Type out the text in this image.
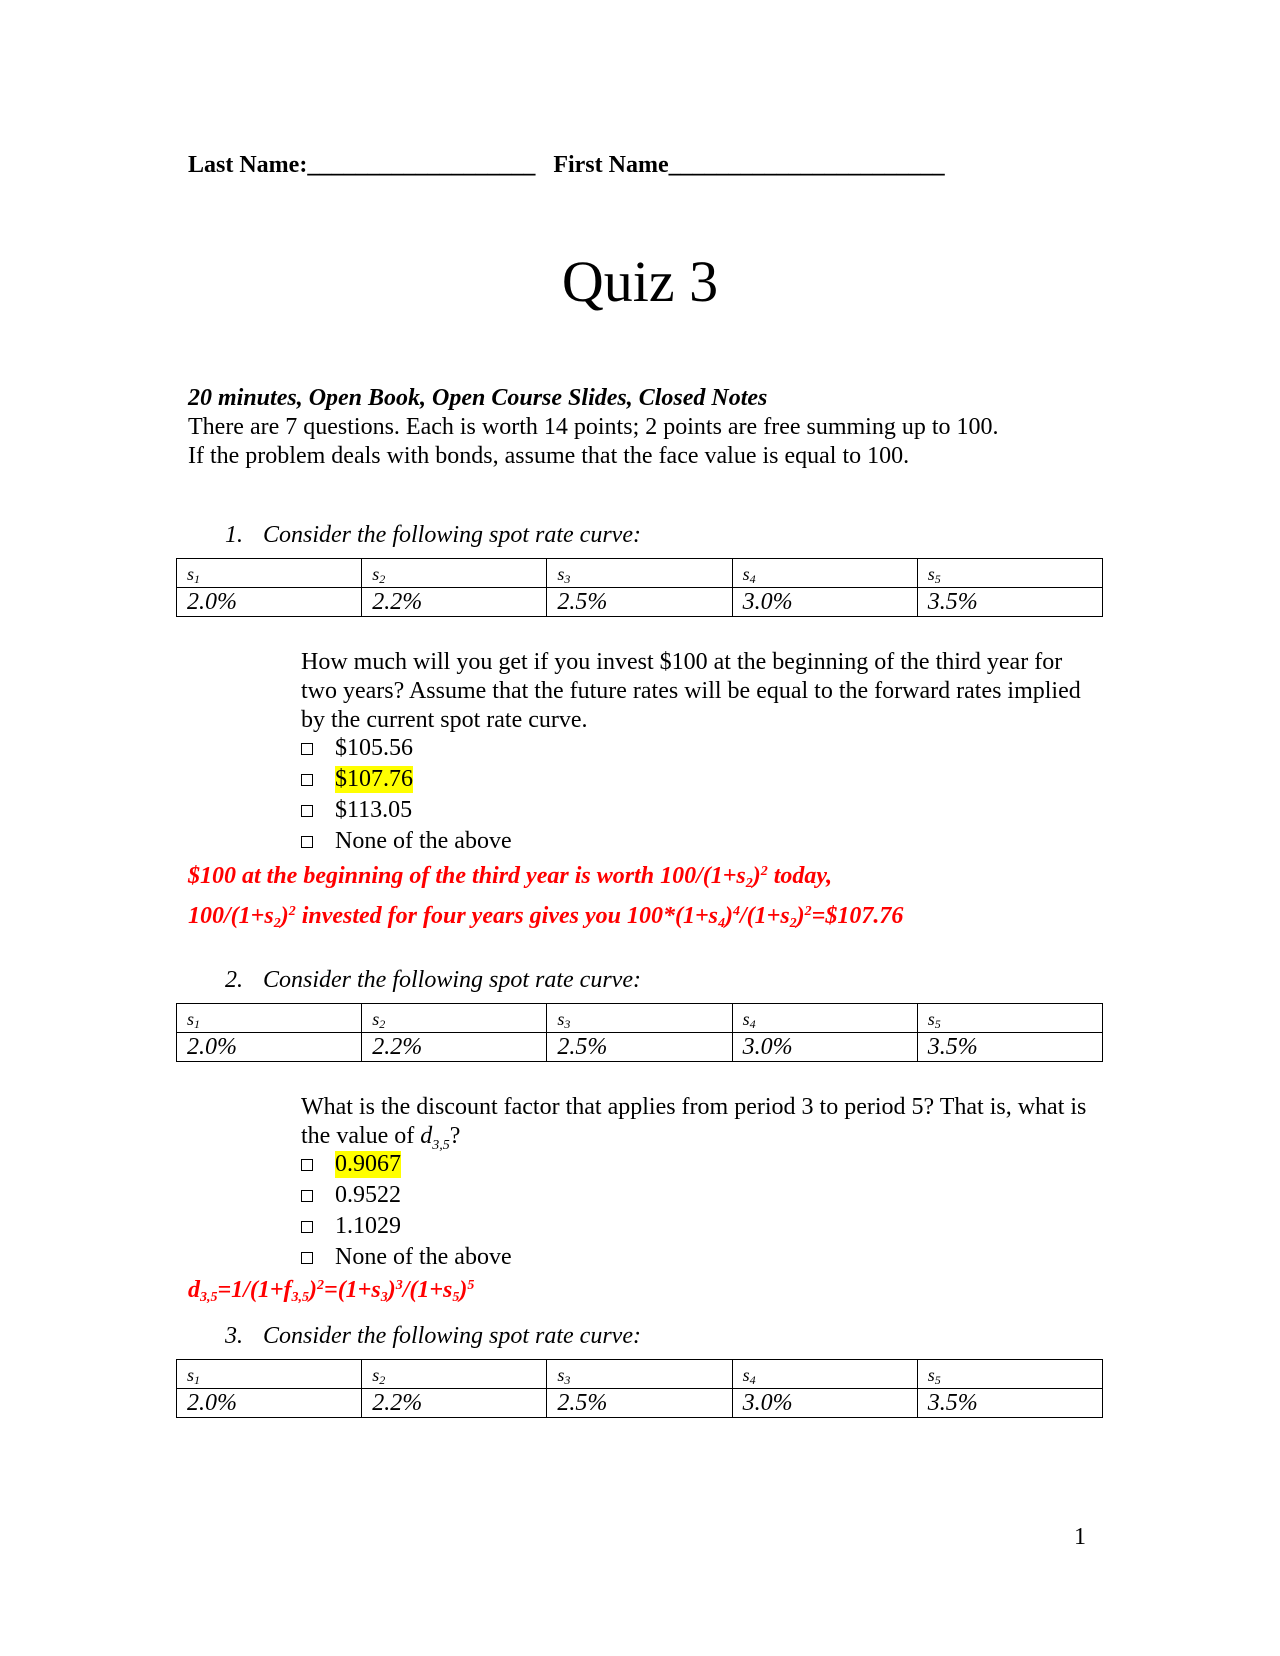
Last Name:___________________ First Name_______________________
Quiz 3
20 minutes, Open Book, Open Course Slides, Closed Notes
There are 7 questions. Each is worth 14 points; 2 points are free summing up to 100.
If the problem deals with bonds, assume that the face value is equal to 100.
1. Consider the following spot rate curve:
$s_1$	$s_2$	$s_3$	$s_4$	$s_5$
2.0%	2.2%	2.5%	3.0%	3.5%
How much will you get if you invest $100 at the beginning of the third year for two years? Assume that the future rates will be equal to the forward rates implied by the current spot rate curve.
$105.56
$107.76
$113.05
None of the above
$100 at the beginning of the third year is worth $100/(1+s_2)^2$ today,
$100/(1+s_2)^2$ invested for four years gives you $100*(1+s_4)^4/(1+s_2)^2=\$107.76$
2. Consider the following spot rate curve:
$s_1$	$s_2$	$s_3$	$s_4$	$s_5$
2.0%	2.2%	2.5%	3.0%	3.5%
What is the discount factor that applies from period 3 to period 5? That is, what is the value of $d_{3,5}$?
0.9067
0.9522
1.1029
None of the above
$d_{3,5}=1/(1+f_{3,5})^2=(1+s_3)^3/(1+s_5)^5$
3. Consider the following spot rate curve:
$s_1$	$s_2$	$s_3$	$s_4$	$s_5$
2.0%	2.2%	2.5%	3.0%	3.5%
1
